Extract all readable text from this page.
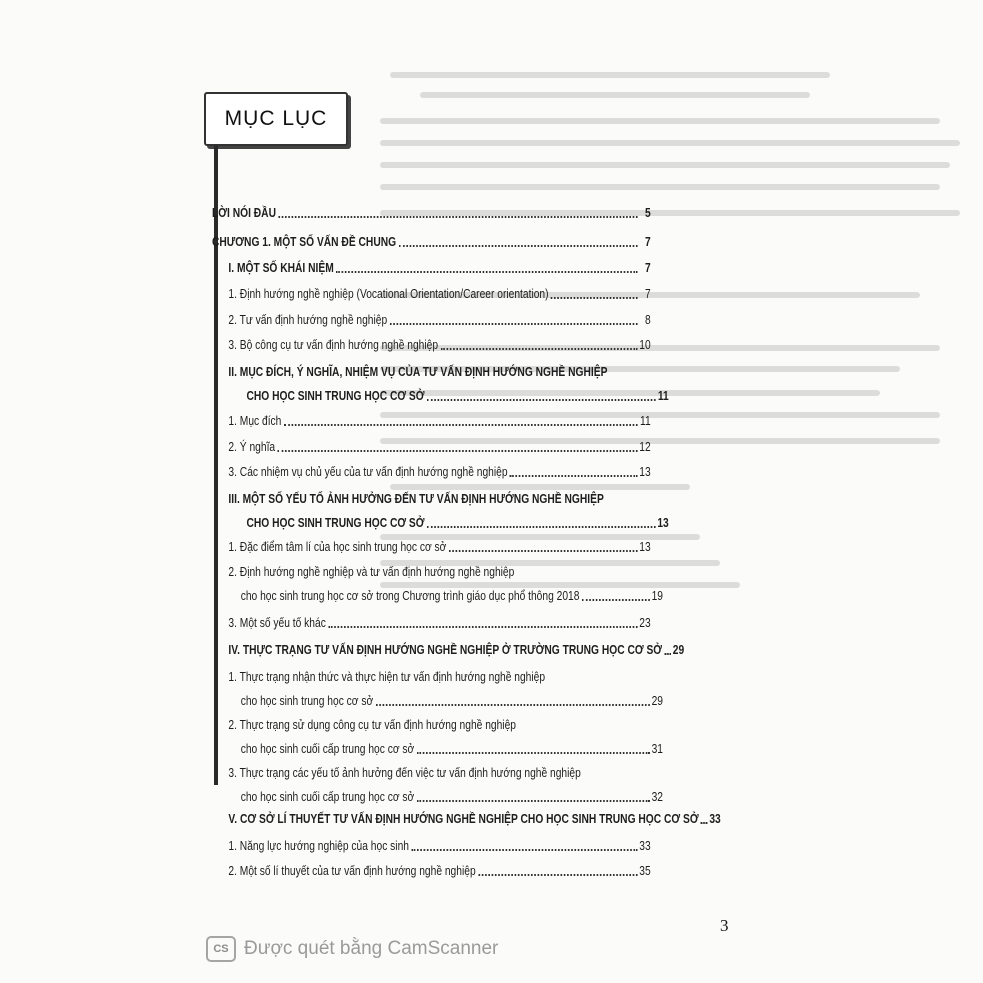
MỤC LỤC
LỜI NÓI ĐẦU	5
CHƯƠNG 1. MỘT SỐ VẤN ĐỀ CHUNG	7
I. MỘT SỐ KHÁI NIỆM	7
1. Định hướng nghề nghiệp (Vocational Orientation/Career orientation)	7
2. Tư vấn định hướng nghề nghiệp	8
3. Bộ công cụ tư vấn định hướng nghề nghiệp	10
II. MỤC ĐÍCH, Ý NGHĨA, NHIỆM VỤ CỦA TƯ VẤN ĐỊNH HƯỚNG NGHỀ NGHIỆP
CHO HỌC SINH TRUNG HỌC CƠ SỞ	11
1. Mục đích	11
2. Ý nghĩa	12
3. Các nhiệm vụ chủ yếu của tư vấn định hướng nghề nghiệp	13
III. MỘT SỐ YẾU TỐ ẢNH HƯỞNG ĐẾN TƯ VẤN ĐỊNH HƯỚNG NGHỀ NGHIỆP
CHO HỌC SINH TRUNG HỌC CƠ SỞ	13
1. Đặc điểm tâm lí của học sinh trung học cơ sở	13
2. Định hướng nghề nghiệp và tư vấn định hướng nghề nghiệp
cho học sinh trung học cơ sở trong Chương trình giáo dục phổ thông 2018	19
3. Một số yếu tố khác	23
IV. THỰC TRẠNG TƯ VẤN ĐỊNH HƯỚNG NGHỀ NGHIỆP Ở TRƯỜNG TRUNG HỌC CƠ SỞ 29
1. Thực trạng nhận thức và thực hiện tư vấn định hướng nghề nghiệp
cho học sinh trung học cơ sở	29
2. Thực trạng sử dụng công cụ tư vấn định hướng nghề nghiệp
cho học sinh cuối cấp trung học cơ sở	31
3. Thực trạng các yếu tố ảnh hưởng đến việc tư vấn định hướng nghề nghiệp
cho học sinh cuối cấp trung học cơ sở	32
V. CƠ SỞ LÍ THUYẾT TƯ VẤN ĐỊNH HƯỚNG NGHỀ NGHIỆP CHO HỌC SINH TRUNG HỌC CƠ SỞ 33
1. Năng lực hướng nghiệp của học sinh	33
2. Một số lí thuyết của tư vấn định hướng nghề nghiệp	35
3
CS Được quét bằng CamScanner
